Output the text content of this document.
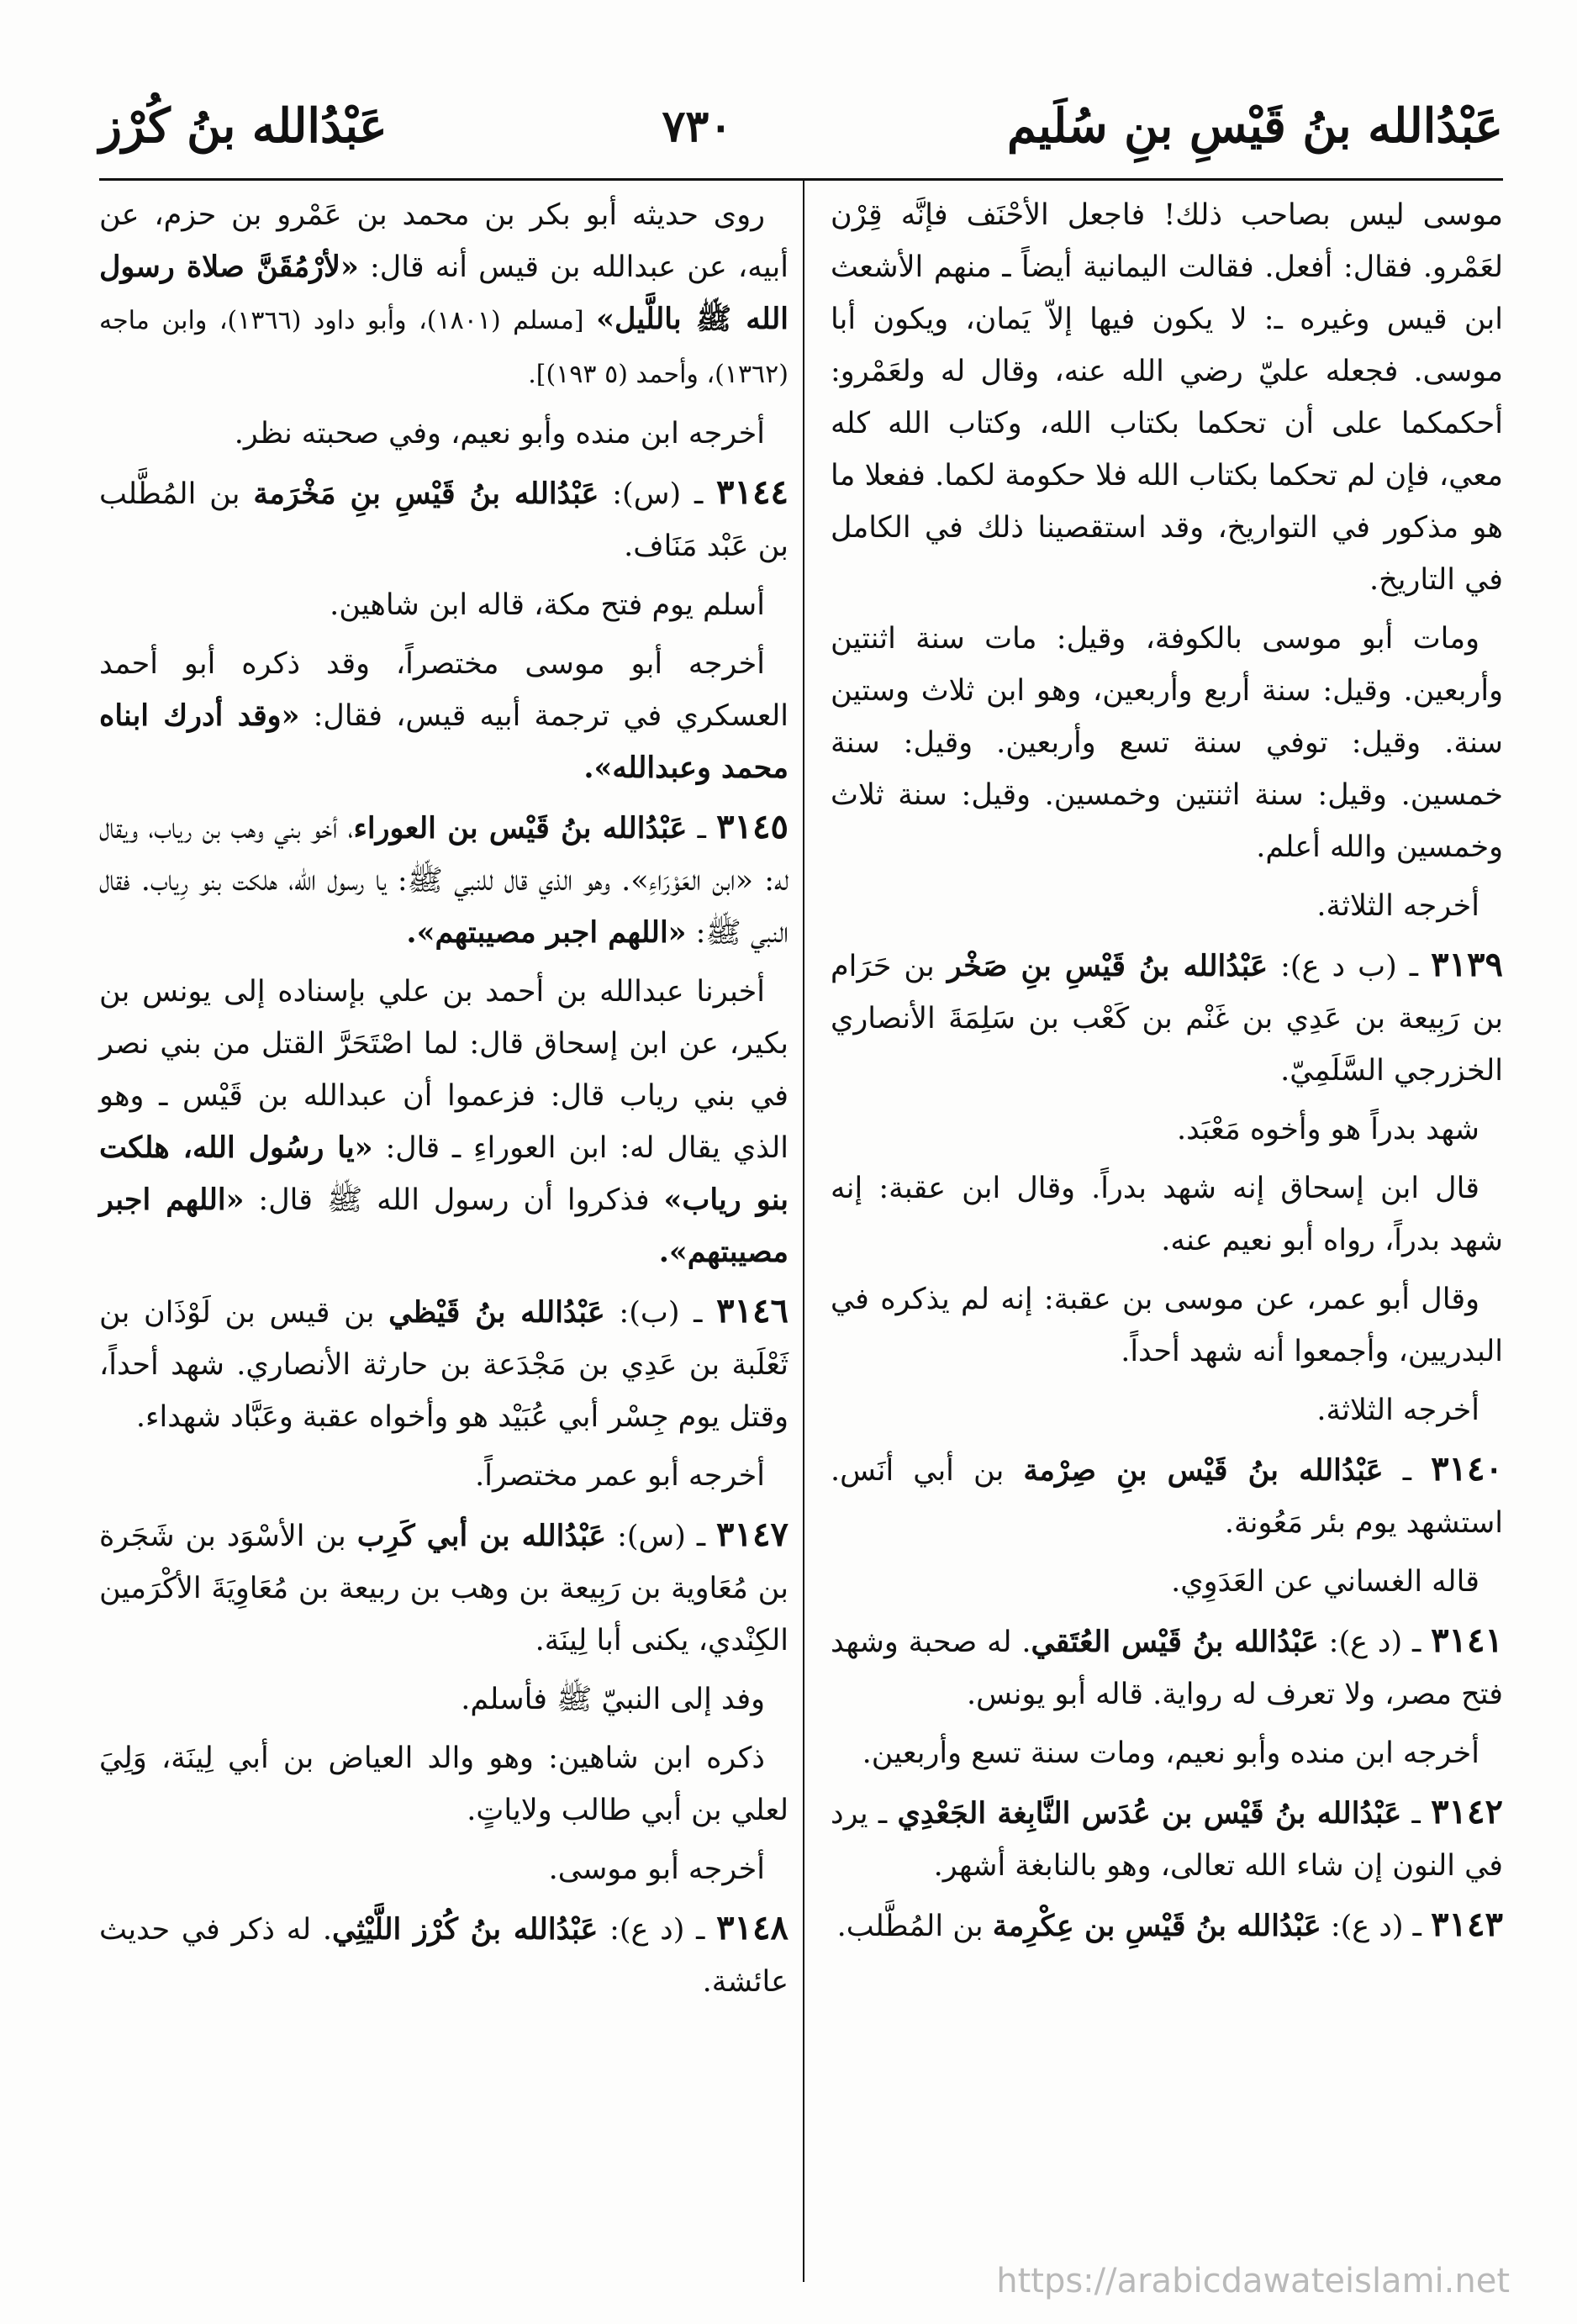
عَبْدُالله بنُ قَيْسِ بنِ سُلَيم
٧٣٠
عَبْدُالله بنُ كُرْز

موسى ليس بصاحب ذلك! فاجعل الأحْنَف فإنَّه قِرْن لعَمْرو. فقال: أفعل. فقالت اليمانية أيضاً ـ منهم الأشعث ابن قيس وغيره ـ: لا يكون فيها إلاّ يَمان، ويكون أبا موسى. فجعله عليّ رضي الله عنه، وقال له ولعَمْرو: أحكمكما على أن تحكما بكتاب الله، وكتاب الله كله معي، فإن لم تحكما بكتاب الله فلا حكومة لكما. ففعلا ما هو مذكور في التواريخ، وقد استقصينا ذلك في الكامل في التاريخ.

ومات أبو موسى بالكوفة، وقيل: مات سنة اثنتين وأربعين. وقيل: سنة أربع وأربعين، وهو ابن ثلاث وستين سنة. وقيل: توفي سنة تسع وأربعين. وقيل: سنة خمسين. وقيل: سنة اثنتين وخمسين. وقيل: سنة ثلاث وخمسين والله أعلم.

أخرجه الثلاثة.

٣١٣٩ ـ (ب د ع): عَبْدُالله بنُ قَيْسِ بنِ صَخْر بن حَرَام بن رَبِيعة بن عَدِي بن غَنْم بن كَعْب بن سَلِمَةَ الأنصاري الخزرجي السَّلَمِيّ.

شهد بدراً هو وأخوه مَعْبَد.

قال ابن إسحاق إنه شهد بدراً. وقال ابن عقبة: إنه شهد بدراً، رواه أبو نعيم عنه.

وقال أبو عمر، عن موسى بن عقبة: إنه لم يذكره في البدريين، وأجمعوا أنه شهد أحداً.

أخرجه الثلاثة.

٣١٤٠ ـ عَبْدُالله بنُ قَيْس بنِ صِرْمة بن أبي أنَس. استشهد يوم بئر مَعُونة.

قاله الغساني عن العَدَوِي.

٣١٤١ ـ (د ع): عَبْدُالله بنُ قَيْس العُتَقي. له صحبة وشهد فتح مصر، ولا تعرف له رواية. قاله أبو يونس.

أخرجه ابن منده وأبو نعيم، ومات سنة تسع وأربعين.

٣١٤٢ ـ عَبْدُالله بنُ قَيْس بن عُدَس النَّابِغة الجَعْدِي ـ يرد في النون إن شاء الله تعالى، وهو بالنابغة أشهر.

٣١٤٣ ـ (د ع): عَبْدُالله بنُ قَيْسِ بن عِكْرِمة بن المُطَّلب.

روى حديثه أبو بكر بن محمد بن عَمْرو بن حزم، عن أبيه، عن عبدالله بن قيس أنه قال: «لأرْمُقَنَّ صلاة رسول الله ﷺ باللَّيل» [مسلم (١٨٠١)، وأبو داود (١٣٦٦)، وابن ماجه (١٣٦٢)، وأحمد (٥ ١٩٣)].

أخرجه ابن منده وأبو نعيم، وفي صحبته نظر.

٣١٤٤ ـ (س): عَبْدُالله بنُ قَيْسِ بنِ مَخْرَمة بن المُطَّلب بن عَبْد مَنَاف.

أسلم يوم فتح مكة، قاله ابن شاهين.

أخرجه أبو موسى مختصراً، وقد ذكره أبو أحمد العسكري في ترجمة أبيه قيس، فقال: «وقد أدرك ابناه محمد وعبدالله».

٣١٤٥ ـ عَبْدُالله بنُ قَيْس بن العوراء، أخو بني وهب بن رياب، ويقال له: «ابن العَوْرَاءِ». وهو الذي قال للنبي ﷺ: يا رسول الله، هلكت بنو رِياب. فقال النبي ﷺ: «اللهم اجبر مصيبتهم».

أخبرنا عبدالله بن أحمد بن علي بإسناده إلى يونس بن بكير، عن ابن إسحاق قال: لما اصْتَحَرَّ القتل من بني نصر في بني رياب قال: فزعموا أن عبدالله بن قَيْس ـ وهو الذي يقال له: ابن العوراءِ ـ قال: «يا رسُول الله، هلكت بنو رياب» فذكروا أن رسول الله ﷺ قال: «اللهم اجبر مصيبتهم».

٣١٤٦ ـ (ب): عَبْدُالله بنُ قَيْظي بن قيس بن لَوْذَان بن ثَعْلَبة بن عَدِي بن مَجْدَعة بن حارثة الأنصاري. شهد أحداً، وقتل يوم جِسْر أبي عُبَيْد هو وأخواه عقبة وعَبَّاد شهداء.

أخرجه أبو عمر مختصراً.

٣١٤٧ ـ (س): عَبْدُالله بن أبي كَرِب بن الأسْوَد بن شَجَرة بن مُعَاوية بن رَبِيعة بن وهب بن ربيعة بن مُعَاوِيَةَ الأكْرَمين الكِنْدي، يكنى أبا لِينَة.

وفد إلى النبيّ ﷺ فأسلم.

ذكره ابن شاهين: وهو والد العياض بن أبي لِينَة، وَلِيَ لعلي بن أبي طالب ولاياتٍ.

أخرجه أبو موسى.

٣١٤٨ ـ (د ع): عَبْدُالله بنُ كُرْز اللَّيْثِي. له ذكر في حديث عائشة.

https://arabicdawateislami.net
